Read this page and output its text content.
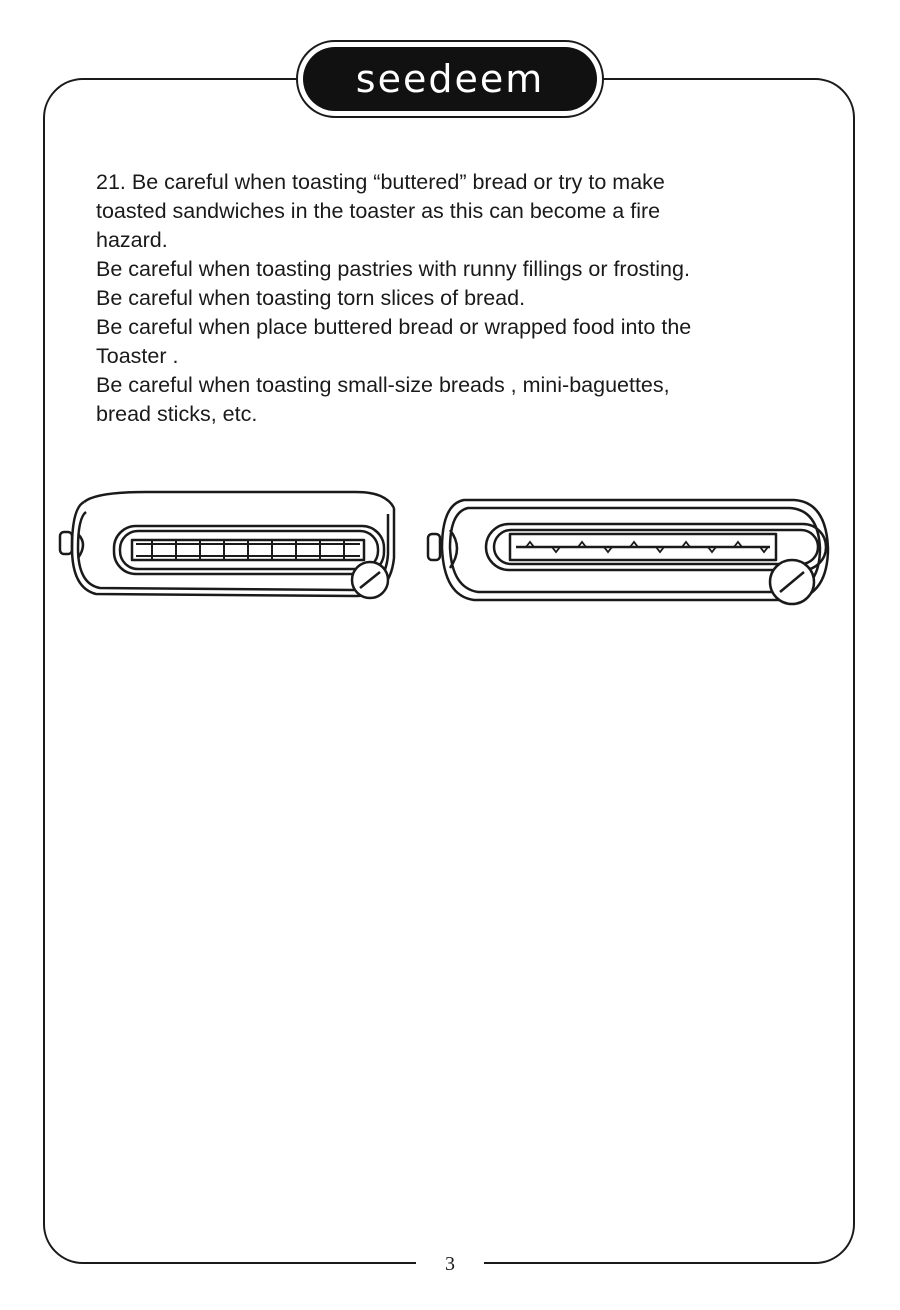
seedeem

21. Be careful when toasting “buttered” bread or try to make

toasted sandwiches in the toaster as this can become a fire

hazard.

Be careful when toasting pastries with runny fillings or frosting.

Be careful when toasting torn slices of bread.

Be careful when place buttered bread or wrapped food into the

Toaster .

Be careful when toasting small-size breads , mini-baguettes,

bread sticks, etc.

3
